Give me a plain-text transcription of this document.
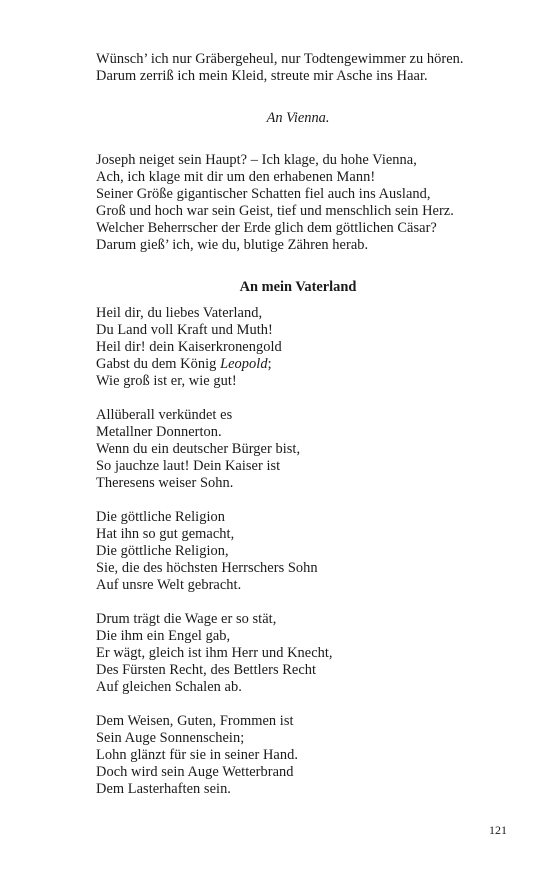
Wünsch’ ich nur Gräbergeheul, nur Todtengewimmer zu hören.
Darum zerriß ich mein Kleid, streute mir Asche ins Haar.
An Vienna.
Joseph neiget sein Haupt? – Ich klage, du hohe Vienna,
Ach, ich klage mit dir um den erhabenen Mann!
Seiner Größe gigantischer Schatten fiel auch ins Ausland,
Groß und hoch war sein Geist, tief und menschlich sein Herz.
Welcher Beherrscher der Erde glich dem göttlichen Cäsar?
Darum gieß’ ich, wie du, blutige Zähren herab.
An mein Vaterland
Heil dir, du liebes Vaterland,
Du Land voll Kraft und Muth!
Heil dir! dein Kaiserkronengold
Gabst du dem König Leopold;
Wie groß ist er, wie gut!
Allüberall verkündet es
Metallner Donnerton.
Wenn du ein deutscher Bürger bist,
So jauchze laut! Dein Kaiser ist
Theresens weiser Sohn.
Die göttliche Religion
Hat ihn so gut gemacht,
Die göttliche Religion,
Sie, die des höchsten Herrschers Sohn
Auf unsre Welt gebracht.
Drum trägt die Wage er so stät,
Die ihm ein Engel gab,
Er wägt, gleich ist ihm Herr und Knecht,
Des Fürsten Recht, des Bettlers Recht
Auf gleichen Schalen ab.
Dem Weisen, Guten, Frommen ist
Sein Auge Sonnenschein;
Lohn glänzt für sie in seiner Hand.
Doch wird sein Auge Wetterbrand
Dem Lasterhaften sein.
121
